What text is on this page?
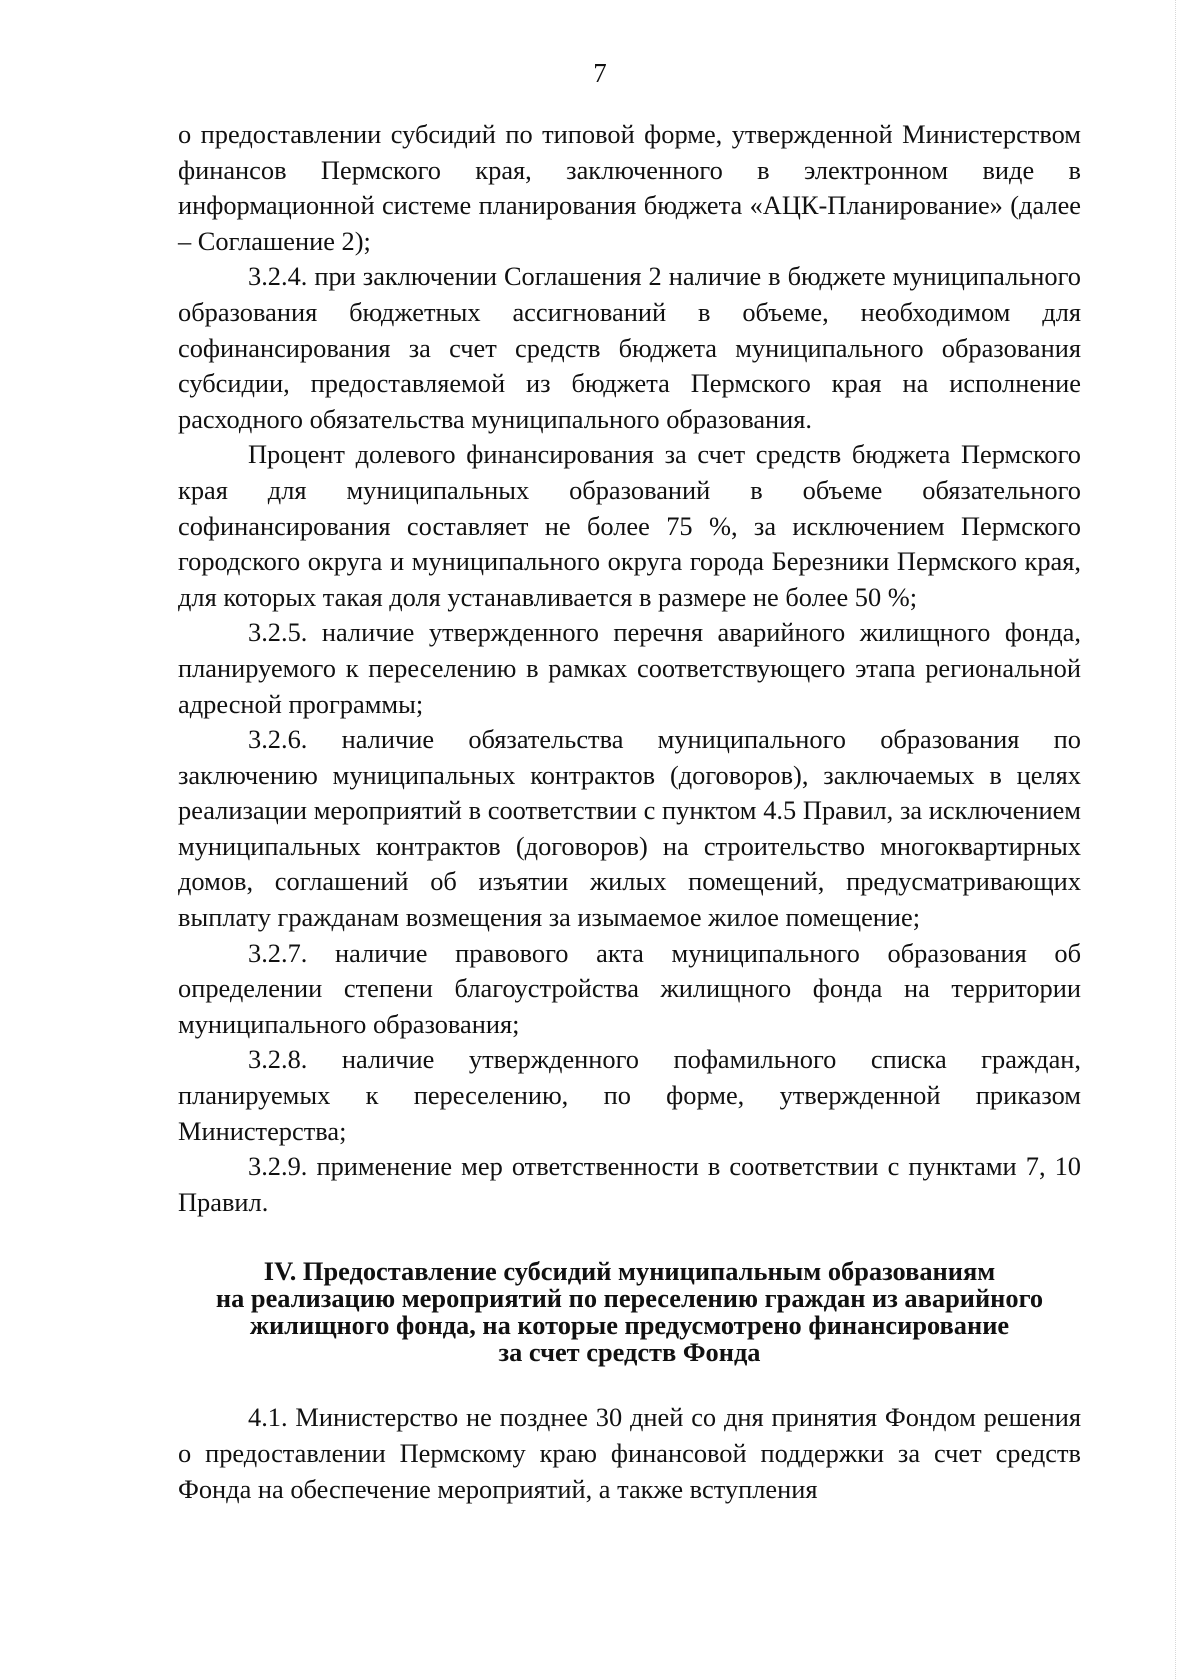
7

о предоставлении субсидий по типовой форме, утвержденной Министерством финансов Пермского края, заключенного в электронном виде в информационной системе планирования бюджета «АЦК-Планирование» (далее – Соглашение 2);

3.2.4. при заключении Соглашения 2 наличие в бюджете муниципального образования бюджетных ассигнований в объеме, необходимом для софинансирования за счет средств бюджета муниципального образования субсидии, предоставляемой из бюджета Пермского края на исполнение расходного обязательства муниципального образования.

Процент долевого финансирования за счет средств бюджета Пермского края для муниципальных образований в объеме обязательного софинансирования составляет не более 75 %, за исключением Пермского городского округа и муниципального округа города Березники Пермского края, для которых такая доля устанавливается в размере не более 50 %;

3.2.5. наличие утвержденного перечня аварийного жилищного фонда, планируемого к переселению в рамках соответствующего этапа региональной адресной программы;

3.2.6. наличие обязательства муниципального образования по заключению муниципальных контрактов (договоров), заключаемых в целях реализации мероприятий в соответствии с пунктом 4.5 Правил, за исключением муниципальных контрактов (договоров) на строительство многоквартирных домов, соглашений об изъятии жилых помещений, предусматривающих выплату гражданам возмещения за изымаемое жилое помещение;

3.2.7. наличие правового акта муниципального образования об определении степени благоустройства жилищного фонда на территории муниципального образования;

3.2.8. наличие утвержденного пофамильного списка граждан, планируемых к переселению, по форме, утвержденной приказом Министерства;

3.2.9. применение мер ответственности в соответствии с пунктами 7, 10 Правил.

IV. Предоставление субсидий муниципальным образованиям
на реализацию мероприятий по переселению граждан из аварийного
жилищного фонда, на которые предусмотрено финансирование
за счет средств Фонда

4.1. Министерство не позднее 30 дней со дня принятия Фондом решения о предоставлении Пермскому краю финансовой поддержки за счет средств Фонда на обеспечение мероприятий, а также вступления
